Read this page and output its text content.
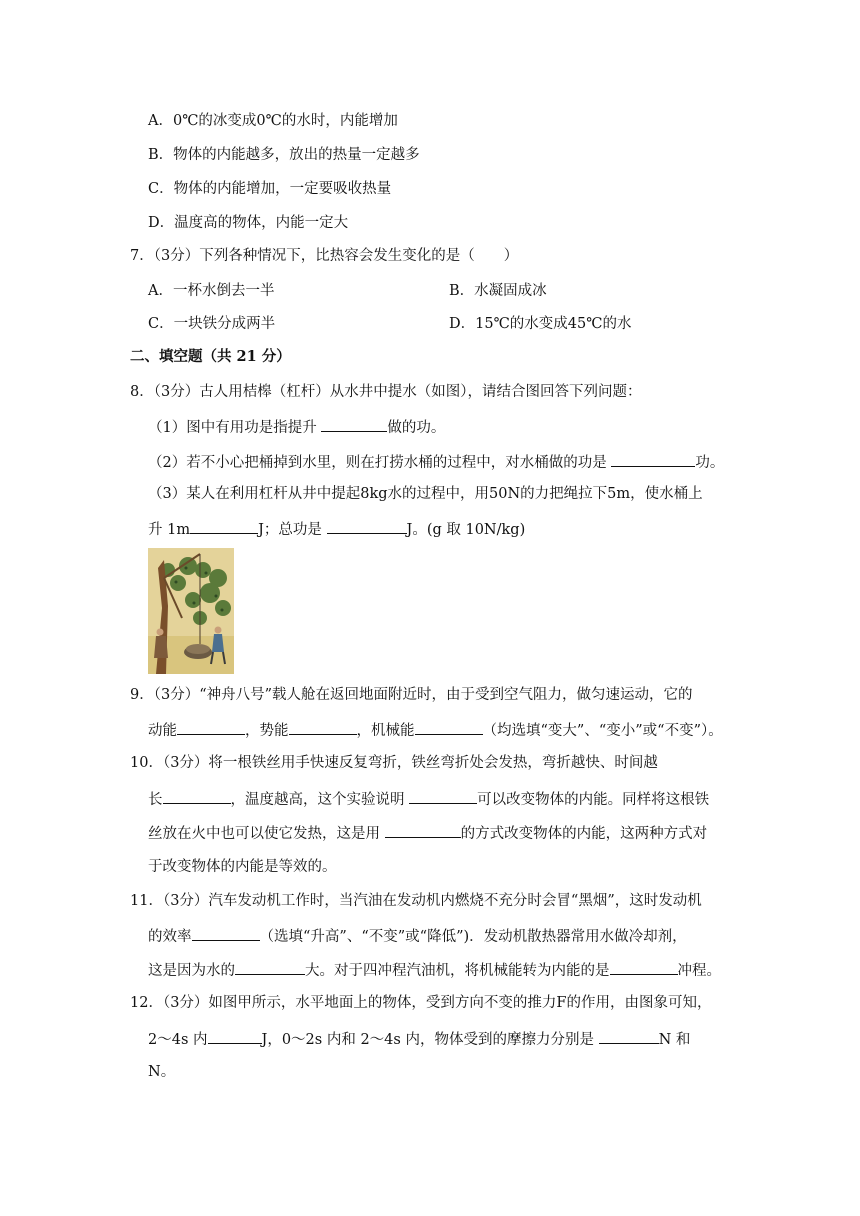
A．0℃的冰变成0℃的水时，内能增加
B．物体的内能越多，放出的热量一定越多
C．物体的内能增加，一定要吸收热量
D．温度高的物体，内能一定大
7．（3分）下列各种情况下，比热容会发生变化的是（　　）
A．一杯水倒去一半	B．水凝固成冰
C．一块铁分成两半	D．15℃的水变成45℃的水
二、填空题（共 21 分）
8．（3分）古人用桔槔（杠杆）从水井中提水（如图），请结合图回答下列问题：
（1）图中有用功是指提升	做的功。
（2）若不小心把桶掉到水里，则在打捞水桶的过程中，对水桶做的功是	功。
（3）某人在利用杠杆从井中提起8kg水的过程中，用50N的力把绳拉下5m，使水桶上
升 1m	J；总功是	J。(g 取 10N/kg)
9．（3分）“神舟八号”载人舱在返回地面附近时，由于受到空气阻力，做匀速运动，它的
动能	，势能	，机械能	（均选填“变大”、“变小”或“不变”）。
10．（3分）将一根铁丝用手快速反复弯折，铁丝弯折处会发热，弯折越快、时间越
长	，温度越高，这个实验说明	可以改变物体的内能。同样将这根铁
丝放在火中也可以使它发热，这是用	的方式改变物体的内能，这两种方式对
于改变物体的内能是等效的。
11．（3分）汽车发动机工作时，当汽油在发动机内燃烧不充分时会冒“黑烟”，这时发动机
的效率	（选填“升高”、“不变”或“降低”)．发动机散热器常用水做冷却剂，
这是因为水的	大。对于四冲程汽油机，将机械能转为内能的是	冲程。
12．（3分）如图甲所示，水平地面上的物体，受到方向不变的推力F的作用，由图象可知，
2～4s 内	J，0～2s 内和 2～4s 内，物体受到的摩擦力分别是	N 和
N。
